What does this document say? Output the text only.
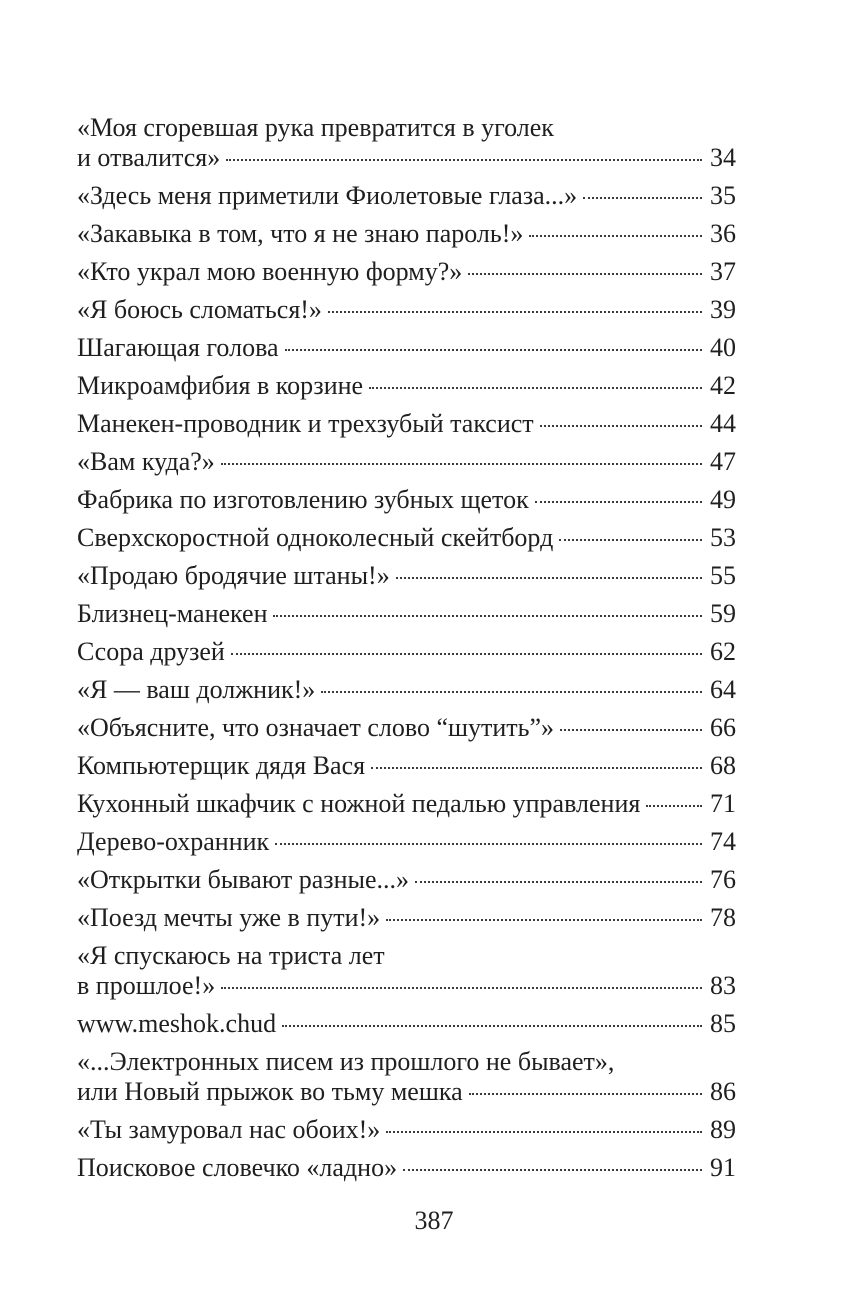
«Моя сгоревшая рука превратится в уголек
и отвалится»	34
«Здесь меня приметили Фиолетовые глаза...»	35
«Закавыка в том, что я не знаю пароль!»	36
«Кто украл мою военную форму?»	37
«Я боюсь сломаться!»	39
Шагающая голова	40
Микроамфибия в корзине	42
Манекен-проводник и трехзубый таксист	44
«Вам куда?»	47
Фабрика по изготовлению зубных щеток	49
Сверхскоростной одноколесный скейтборд	53
«Продаю бродячие штаны!»	55
Близнец-манекен	59
Ссора друзей	62
«Я — ваш должник!»	64
«Объясните, что означает слово “шутить”»	66
Компьютерщик дядя Вася	68
Кухонный шкафчик с ножной педалью управления	71
Дерево-охранник	74
«Открытки бывают разные...»	76
«Поезд мечты уже в пути!»	78
«Я спускаюсь на триста лет
в прошлое!»	83
www.meshok.chud	85
«...Электронных писем из прошлого не бывает»,
или Новый прыжок во тьму мешка	86
«Ты замуровал нас обоих!»	89
Поисковое словечко «ладно»	91
387
